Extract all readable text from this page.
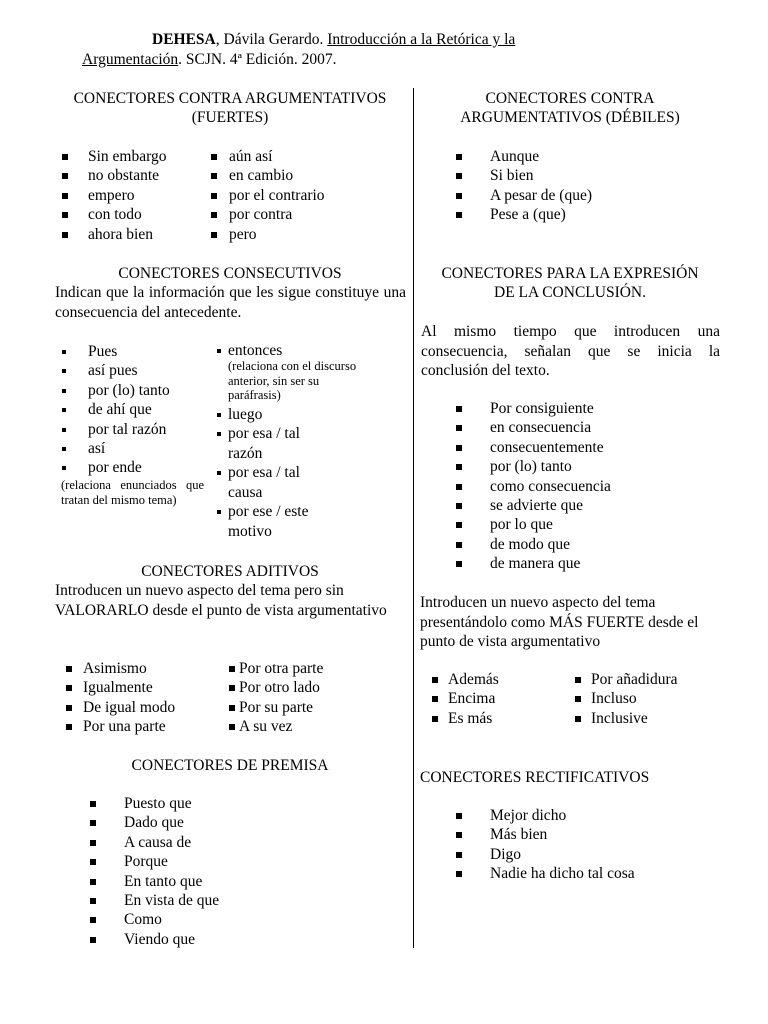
DEHESA, Dávila Gerardo. Introducción a la Retórica y la
Argumentación. SCJN. 4ª Edición. 2007.
CONECTORES CONTRA ARGUMENTATIVOS (FUERTES)
Sin embargo
no obstante
empero
con todo
ahora bien
aún así
en cambio
por el contrario
por contra
pero
CONECTORES CONTRA ARGUMENTATIVOS (DÉBILES)
Aunque
Si bien
A pesar de (que)
Pese a (que)
CONECTORES CONSECUTIVOS
Indican que la información que les sigue constituye una consecuencia del antecedente.
Pues
así pues
por (lo) tanto
de ahí que
por tal razón
así
por ende
(relaciona enunciados que tratan del mismo tema)
entonces
(relaciona con el discurso anterior, sin ser su paráfrasis)
luego
por esa / tal razón
por esa / tal causa
por ese / este motivo
CONECTORES PARA LA EXPRESIÓN DE LA CONCLUSIÓN.
Al mismo tiempo que introducen una consecuencia, señalan que se inicia la conclusión del texto.
Por consiguiente
en consecuencia
consecuentemente
por (lo) tanto
como consecuencia
se advierte que
por lo que
de modo que
de manera que
CONECTORES ADITIVOS
Introducen un nuevo aspecto del tema pero sin VALORARLO desde el punto de vista argumentativo
Asimismo
Igualmente
De igual modo
Por una parte
Por otra parte
Por otro lado
Por su parte
A su vez
Introducen un nuevo aspecto del tema presentándolo como MÁS FUERTE desde el punto de vista argumentativo
Además
Encima
Es más
Por añadidura
Incluso
Inclusive
CONECTORES DE PREMISA
Puesto que
Dado que
A causa de
Porque
En tanto que
En vista de que
Como
Viendo que
CONECTORES RECTIFICATIVOS
Mejor dicho
Más bien
Digo
Nadie ha dicho tal cosa
